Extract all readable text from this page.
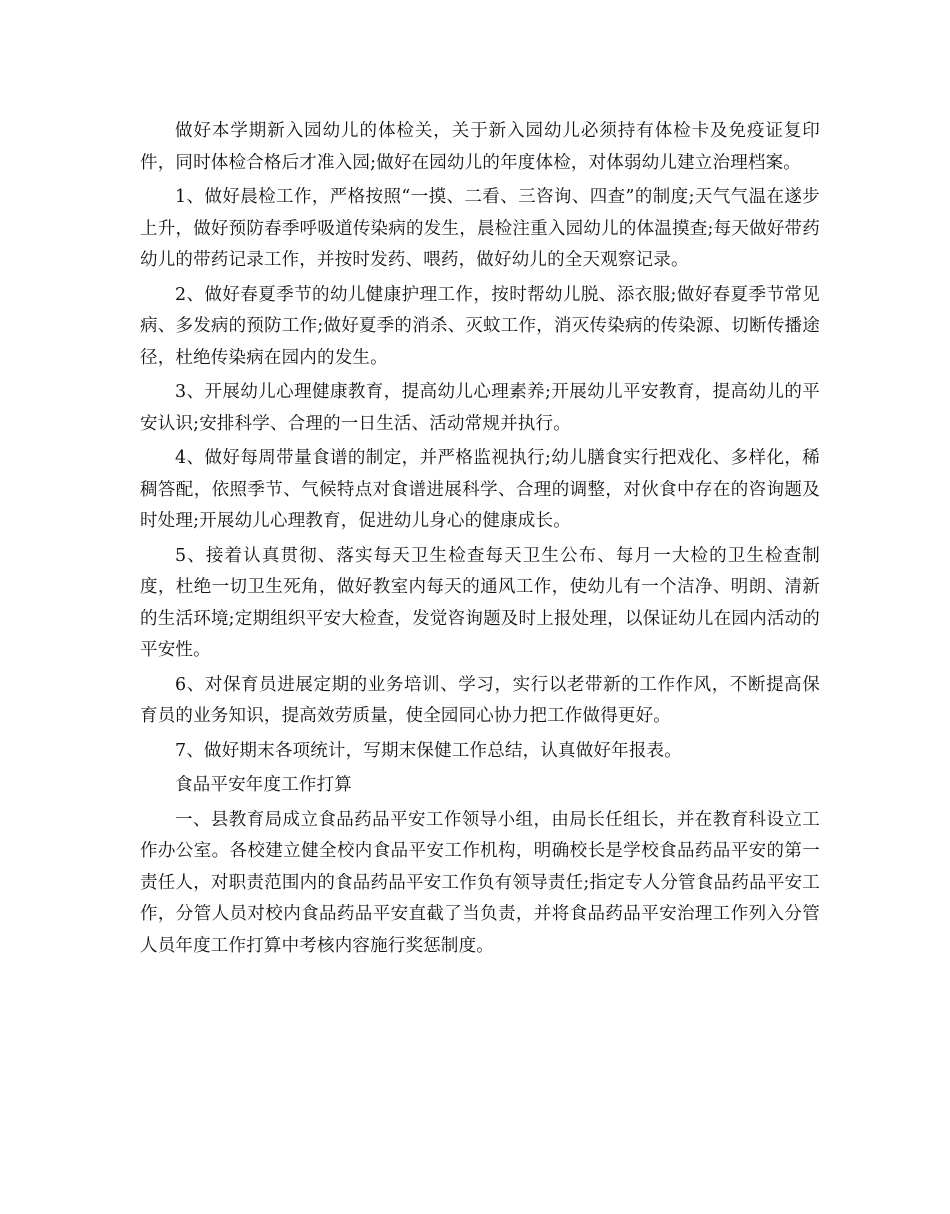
做好本学期新入园幼儿的体检关，关于新入园幼儿必须持有体检卡及免疫证复印件，同时体检合格后才准入园;做好在园幼儿的年度体检，对体弱幼儿建立治理档案。

1、做好晨检工作，严格按照“一摸、二看、三咨询、四查”的制度;天气气温在遂步上升，做好预防春季呼吸道传染病的发生，晨检注重入园幼儿的体温摸查;每天做好带药幼儿的带药记录工作，并按时发药、喂药，做好幼儿的全天观察记录。

2、做好春夏季节的幼儿健康护理工作，按时帮幼儿脱、添衣服;做好春夏季节常见病、多发病的预防工作;做好夏季的消杀、灭蚊工作，消灭传染病的传染源、切断传播途径，杜绝传染病在园内的发生。

3、开展幼儿心理健康教育，提高幼儿心理素养;开展幼儿平安教育，提高幼儿的平安认识;安排科学、合理的一日生活、活动常规并执行。

4、做好每周带量食谱的制定，并严格监视执行;幼儿膳食实行把戏化、多样化，稀稠答配，依照季节、气候特点对食谱进展科学、合理的调整，对伙食中存在的咨询题及时处理;开展幼儿心理教育，促进幼儿身心的健康成长。

5、接着认真贯彻、落实每天卫生检查每天卫生公布、每月一大检的卫生检查制度，杜绝一切卫生死角，做好教室内每天的通风工作，使幼儿有一个洁净、明朗、清新的生活环境;定期组织平安大检查，发觉咨询题及时上报处理，以保证幼儿在园内活动的平安性。

6、对保育员进展定期的业务培训、学习，实行以老带新的工作作风，不断提高保育员的业务知识，提高效劳质量，使全园同心协力把工作做得更好。

7、做好期末各项统计，写期末保健工作总结，认真做好年报表。

食品平安年度工作打算

一、县教育局成立食品药品平安工作领导小组，由局长任组长，并在教育科设立工作办公室。各校建立健全校内食品平安工作机构，明确校长是学校食品药品平安的第一责任人，对职责范围内的食品药品平安工作负有领导责任;指定专人分管食品药品平安工作，分管人员对校内食品药品平安直截了当负责，并将食品药品平安治理工作列入分管人员年度工作打算中考核内容施行奖惩制度。
